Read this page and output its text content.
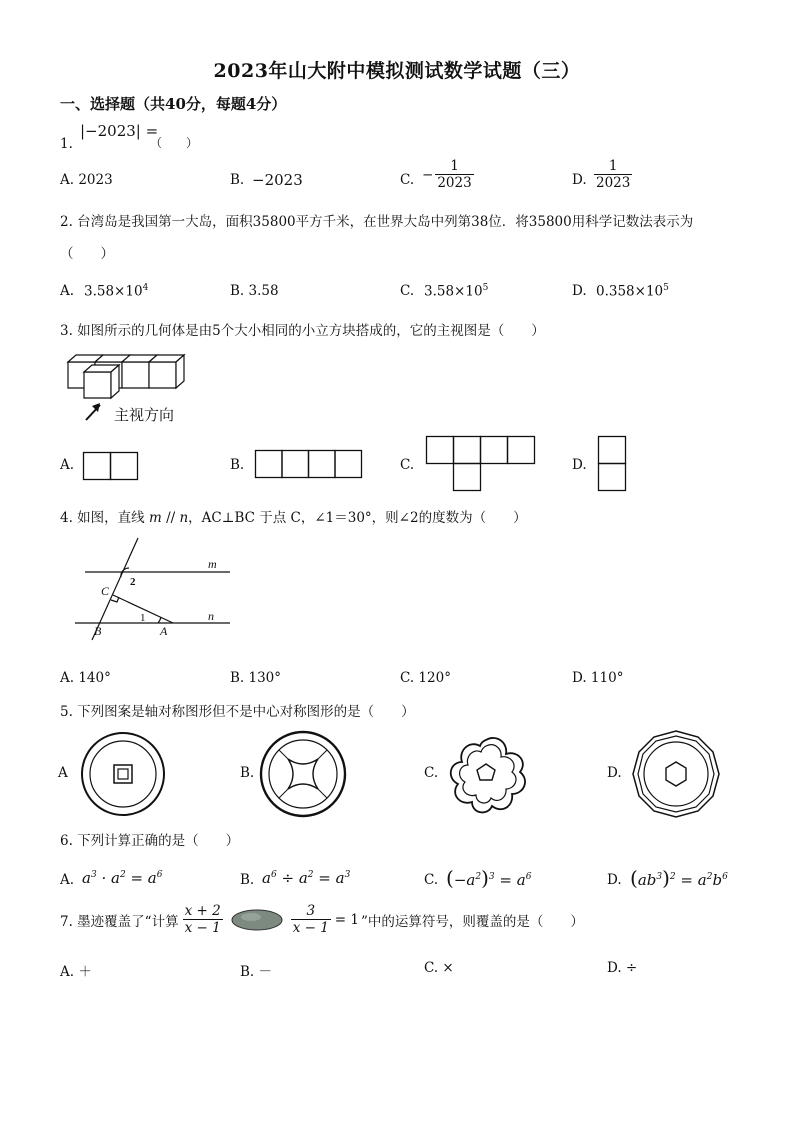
2023年山大附中模拟测试数学试题（三）
一、选择题（共40分，每题4分）
1.
|−2023| =
（　　）
A. 2023	B. −2023	C. − $\frac{1}{2023}$	D. $\frac{1}{2023}$
2. 台湾岛是我国第一大岛，面积35800平方千米，在世界大岛中列第38位．将35800用科学记数法表示为
（　　）
A. $3.58\times 10^4$	B. 3.58	C. $3.58\times 10^5$	D. $0.358\times 10^5$
3. 如图所示的几何体是由5个大小相同的小立方块搭成的，它的主视图是（　　）
主视方向
A.	B.	C.	D.
4. 如图，直线 m // n，AC⊥BC 于点 C，∠1＝30°，则∠2的度数为（　　）
m
n
C
B	A
1
2
A. 140°	B. 130°	C. 120°	D. 110°
5. 下列图案是轴对称图形但不是中心对称图形的是（　　）
A	B.	C.	D.
6. 下列计算正确的是（　　）
A. $a^3 \cdot a^2 = a^6$	B. $a^6 \div a^2 = a^3$	C. $(-a^2)^3 = a^6$	D. $(ab^3)^2 = a^2b^6$
7. 墨迹覆盖了“计算 $\frac{x + 2}{x - 1}$	$\frac{3}{x - 1} = 1$ ”中的运算符号，则覆盖的是（　　）
A. ＋	B. －	C. ×	D. ÷
